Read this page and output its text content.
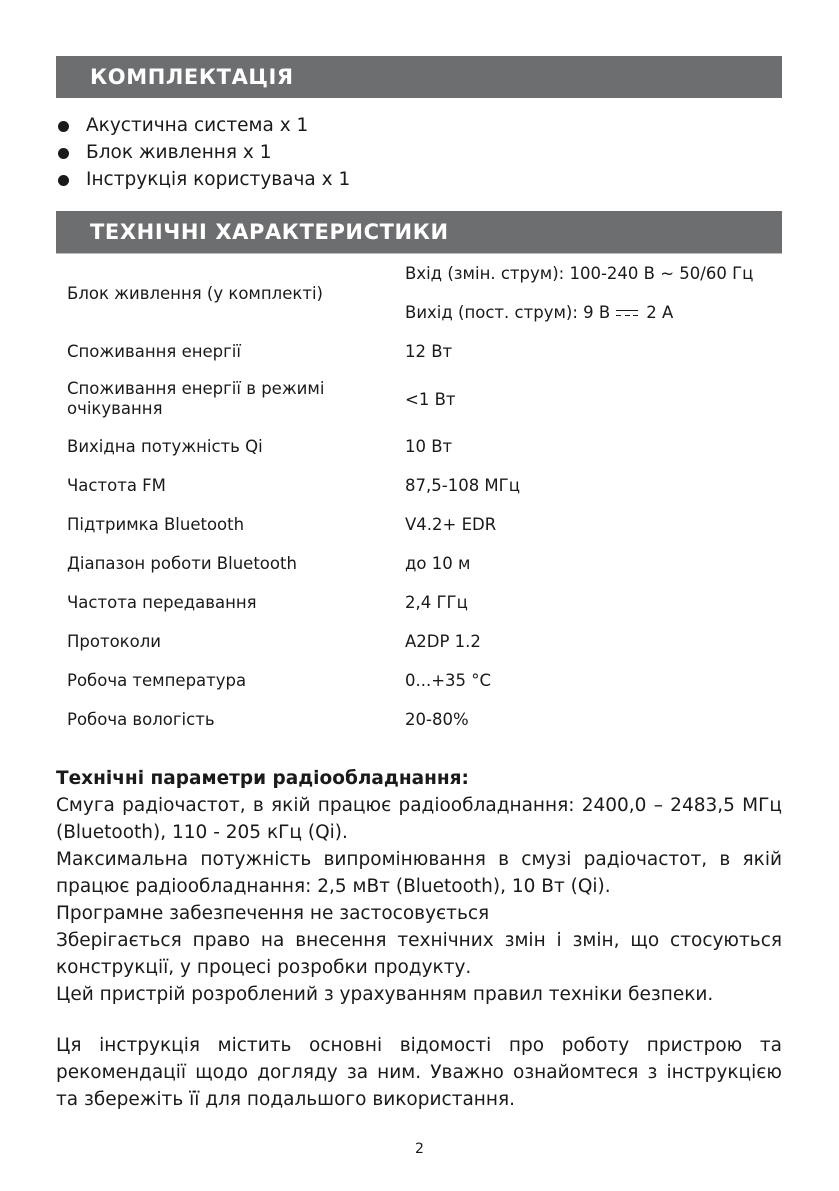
КОМПЛЕКТАЦІЯ
Акустична система х 1
Блок живлення х 1
Інструкція користувача х 1
ТЕХНІЧНІ ХАРАКТЕРИСТИКИ
Блок живлення (у комплекті)	Вхід (змін. струм): 100-240 В ~ 50/60 Гц
Вихід (пост. струм): 9 В 2 А

Споживання енергії	12 Вт
Споживання енергії в режимі очікування	<1 Вт
Вихідна потужність Qi	10 Вт
Частота FM	87,5-108 МГц
Підтримка Bluetooth	V4.2+ EDR
Діапазон роботи Bluetooth	до 10 м
Частота передавання	2,4 ГГц
Протоколи	A2DP 1.2
Робоча температура	0...+35 °C
Робоча вологість	20-80%

Технічні параметри радіообладнання:

Смуга радіочастот, в якій працює радіообладнання: 2400,0 – 2483,5 МГц (Bluetooth), 110 - 205 кГц (Qi).

Максимальна потужність випромінювання в смузі радіочастот, в якій працює радіообладнання: 2,5 мВт (Bluetooth), 10 Вт (Qi).

Програмне забезпечення не застосовується

Зберігається право на внесення технічних змін і змін, що стосуються конструкції, у процесі розробки продукту.

Цей пристрій розроблений з урахуванням правил техніки безпеки.

Ця інструкція містить основні відомості про роботу пристрою та рекомендації щодо догляду за ним. Уважно ознайомтеся з інструкцією та збережіть її для подальшого використання.

2
